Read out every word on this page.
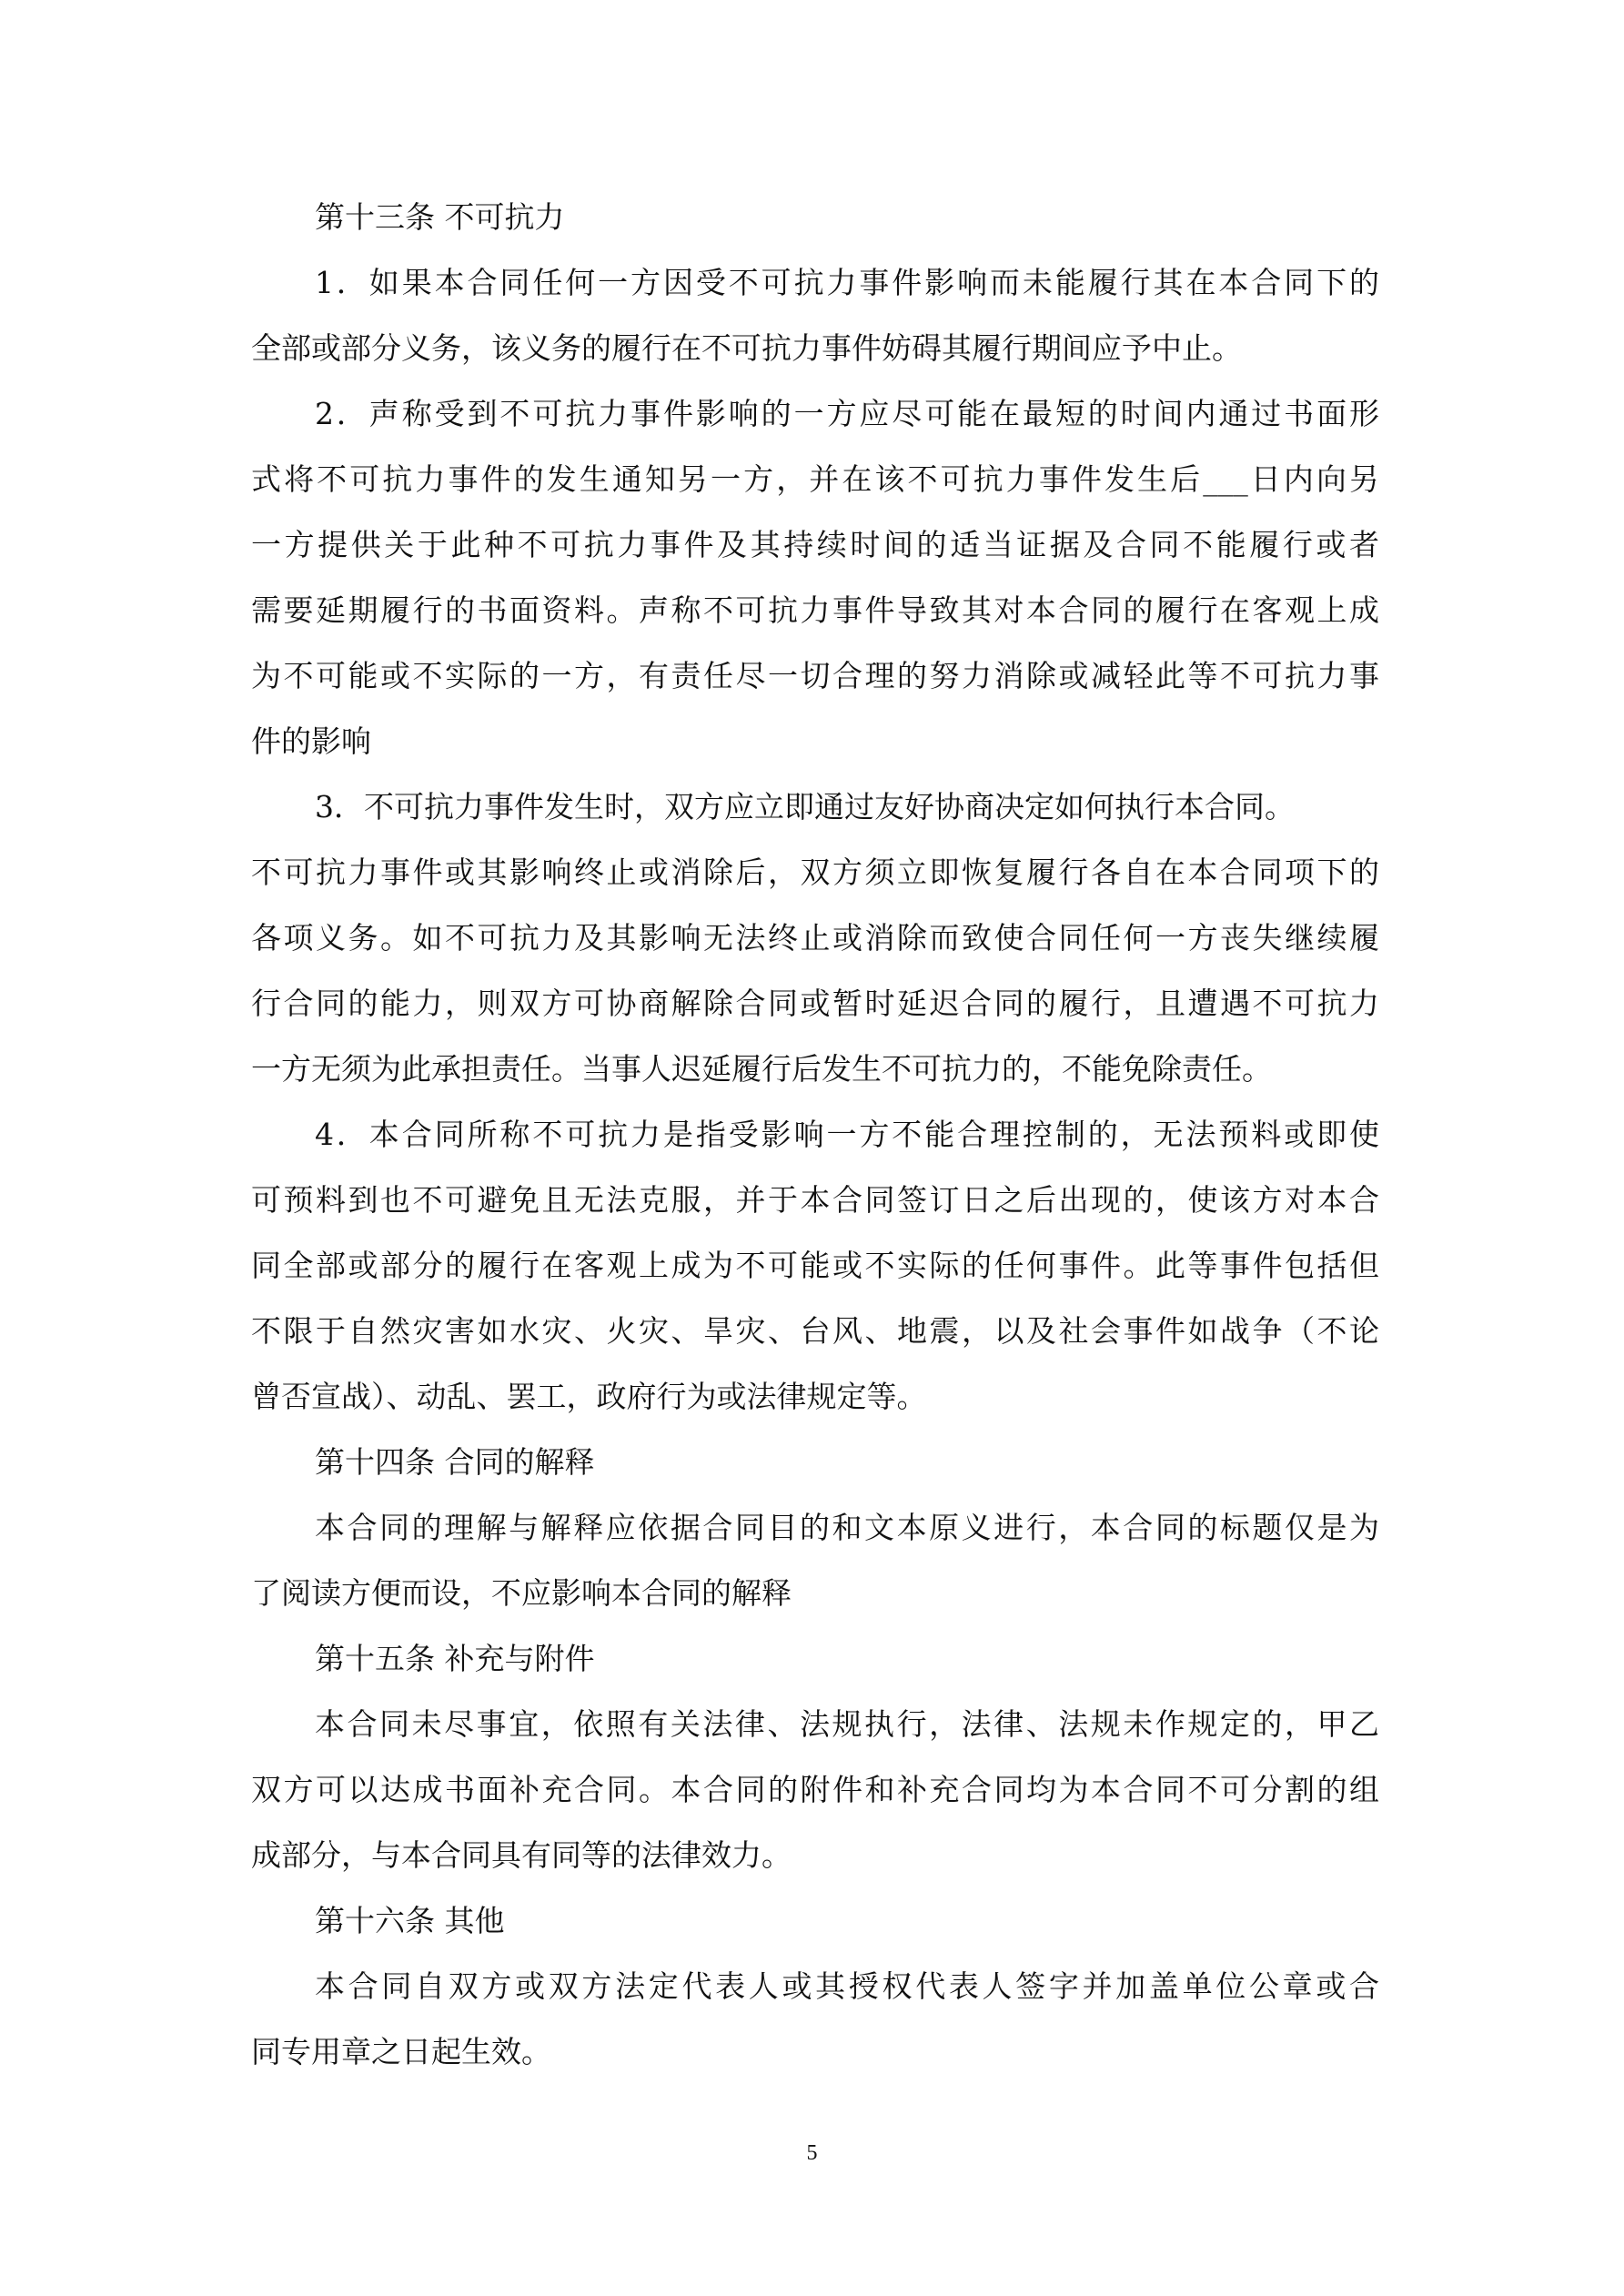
第十三条 不可抗力
1．如果本合同任何一方因受不可抗力事件影响而未能履行其在本合同下的
全部或部分义务，该义务的履行在不可抗力事件妨碍其履行期间应予中止。
2．声称受到不可抗力事件影响的一方应尽可能在最短的时间内通过书面形
式将不可抗力事件的发生通知另一方，并在该不可抗力事件发生后___日内向另
一方提供关于此种不可抗力事件及其持续时间的适当证据及合同不能履行或者
需要延期履行的书面资料。声称不可抗力事件导致其对本合同的履行在客观上成
为不可能或不实际的一方，有责任尽一切合理的努力消除或减轻此等不可抗力事
件的影响
3．不可抗力事件发生时，双方应立即通过友好协商决定如何执行本合同。
不可抗力事件或其影响终止或消除后，双方须立即恢复履行各自在本合同项下的
各项义务。如不可抗力及其影响无法终止或消除而致使合同任何一方丧失继续履
行合同的能力，则双方可协商解除合同或暂时延迟合同的履行，且遭遇不可抗力
一方无须为此承担责任。当事人迟延履行后发生不可抗力的，不能免除责任。
4．本合同所称不可抗力是指受影响一方不能合理控制的，无法预料或即使
可预料到也不可避免且无法克服，并于本合同签订日之后出现的，使该方对本合
同全部或部分的履行在客观上成为不可能或不实际的任何事件。此等事件包括但
不限于自然灾害如水灾、火灾、旱灾、台风、地震，以及社会事件如战争（不论
曾否宣战）、动乱、罢工，政府行为或法律规定等。
第十四条 合同的解释
本合同的理解与解释应依据合同目的和文本原义进行，本合同的标题仅是为
了阅读方便而设，不应影响本合同的解释
第十五条 补充与附件
本合同未尽事宜，依照有关法律、法规执行，法律、法规未作规定的，甲乙
双方可以达成书面补充合同。本合同的附件和补充合同均为本合同不可分割的组
成部分，与本合同具有同等的法律效力。
第十六条 其他
本合同自双方或双方法定代表人或其授权代表人签字并加盖单位公章或合
同专用章之日起生效。
5
